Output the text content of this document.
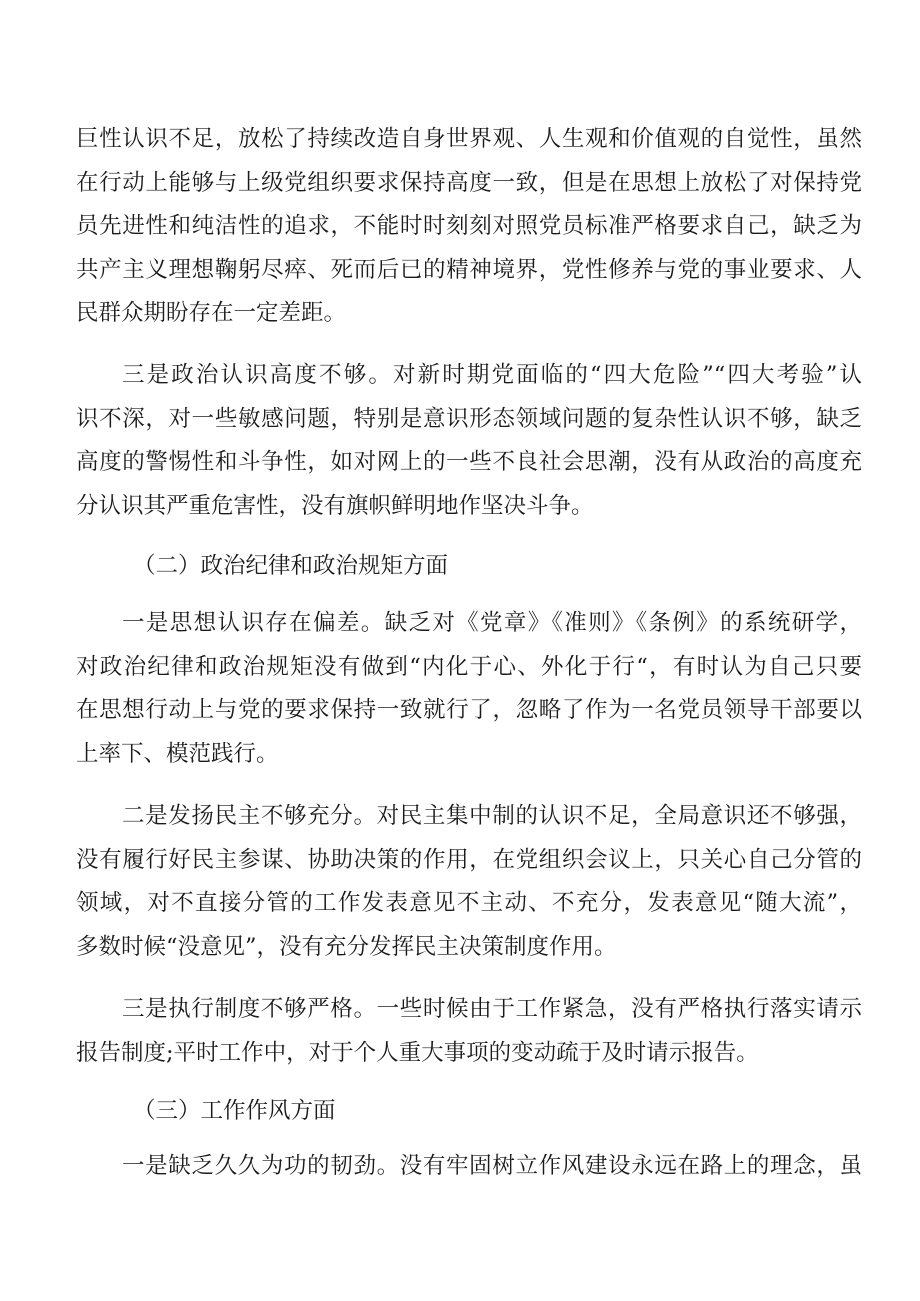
巨性认识不足，放松了持续改造自身世界观、人生观和价值观的自觉性，虽然
在行动上能够与上级党组织要求保持高度一致，但是在思想上放松了对保持党
员先进性和纯洁性的追求，不能时时刻刻对照党员标准严格要求自己，缺乏为
共产主义理想鞠躬尽瘁、死而后已的精神境界，党性修养与党的事业要求、人
民群众期盼存在一定差距。
三是政治认识高度不够。对新时期党面临的“四大危险”“四大考验”认
识不深，对一些敏感问题，特别是意识形态领域问题的复杂性认识不够，缺乏
高度的警惕性和斗争性，如对网上的一些不良社会思潮，没有从政治的高度充
分认识其严重危害性，没有旗帜鲜明地作坚决斗争。
（二）政治纪律和政治规矩方面
一是思想认识存在偏差。缺乏对《党章》《准则》《条例》的系统研学，
对政治纪律和政治规矩没有做到“内化于心、外化于行“，有时认为自己只要
在思想行动上与党的要求保持一致就行了，忽略了作为一名党员领导干部要以
上率下、模范践行。
二是发扬民主不够充分。对民主集中制的认识不足，全局意识还不够强，
没有履行好民主参谋、协助决策的作用，在党组织会议上，只关心自己分管的
领域，对不直接分管的工作发表意见不主动、不充分，发表意见“随大流”，
多数时候“没意见”，没有充分发挥民主决策制度作用。
三是执行制度不够严格。一些时候由于工作紧急，没有严格执行落实请示
报告制度;平时工作中，对于个人重大事项的变动疏于及时请示报告。
（三）工作作风方面
一是缺乏久久为功的韧劲。没有牢固树立作风建设永远在路上的理念，虽
